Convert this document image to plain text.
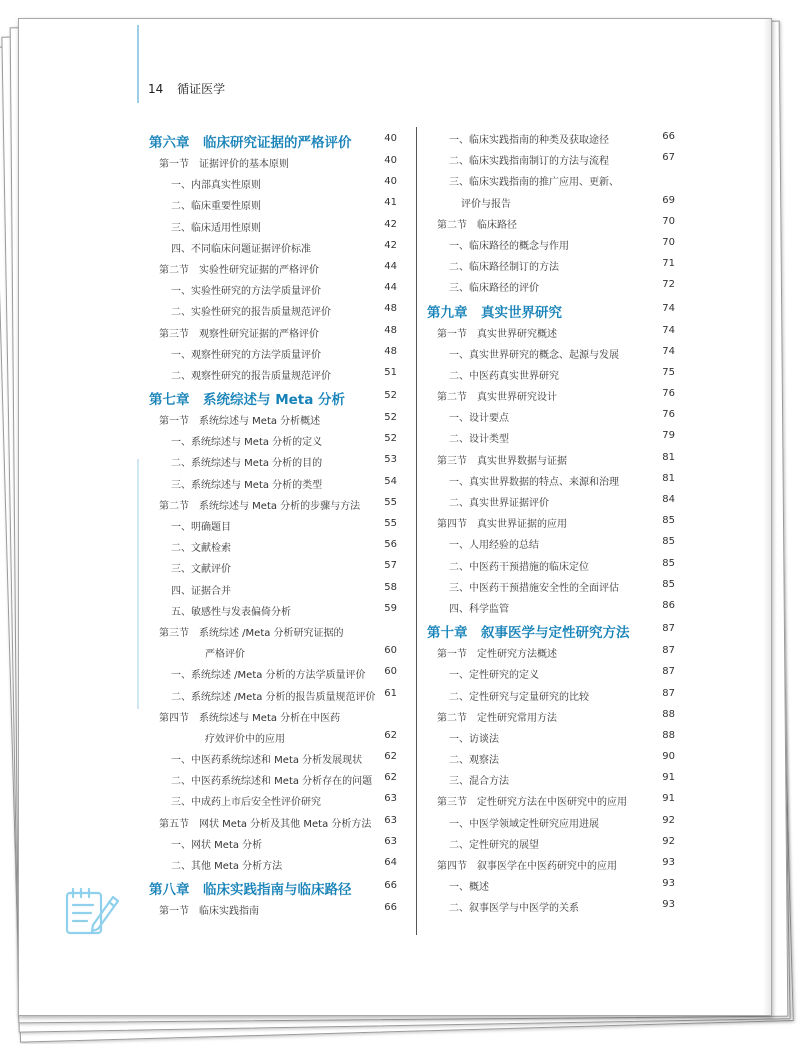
14 循证医学
第六章　临床研究证据的严格评价	40
第一节　证据评价的基本原则	40
一、内部真实性原则	40
二、临床重要性原则	41
三、临床适用性原则	42
四、不同临床问题证据评价标准	42
第二节　实验性研究证据的严格评价	44
一、实验性研究的方法学质量评价	44
二、实验性研究的报告质量规范评价	48
第三节　观察性研究证据的严格评价	48
一、观察性研究的方法学质量评价	48
二、观察性研究的报告质量规范评价	51
第七章　系统综述与 Meta 分析	52
第一节　系统综述与 Meta 分析概述	52
一、系统综述与 Meta 分析的定义	52
二、系统综述与 Meta 分析的目的	53
三、系统综述与 Meta 分析的类型	54
第二节　系统综述与 Meta 分析的步骤与方法 55
一、明确题目	55
二、文献检索	56
三、文献评价	57
四、证据合并	58
五、敏感性与发表偏倚分析	59
第三节　系统综述 /Meta 分析研究证据的
严格评价	60
一、系统综述 /Meta 分析的方法学质量评价 60
二、系统综述 /Meta 分析的报告质量规范评价 61
第四节　系统综述与 Meta 分析在中医药
疗效评价中的应用	62
一、中医药系统综述和 Meta 分析发展现状 62
二、中医药系统综述和 Meta 分析存在的问题 62
三、中成药上市后安全性评价研究	63
第五节　网状 Meta 分析及其他 Meta 分析方法 63
一、网状 Meta 分析	63
二、其他 Meta 分析方法	64
第八章　临床实践指南与临床路径	66
第一节　临床实践指南	66
一、临床实践指南的种类及获取途径	66
二、临床实践指南制订的方法与流程	67
三、临床实践指南的推广应用、更新、
评价与报告	69
第二节　临床路径	70
一、临床路径的概念与作用	70
二、临床路径制订的方法	71
三、临床路径的评价	72
第九章　真实世界研究	74
第一节　真实世界研究概述	74
一、真实世界研究的概念、起源与发展	74
二、中医药真实世界研究	75
第二节　真实世界研究设计	76
一、设计要点	76
二、设计类型	79
第三节　真实世界数据与证据	81
一、真实世界数据的特点、来源和治理	81
二、真实世界证据评价	84
第四节　真实世界证据的应用	85
一、人用经验的总结	85
二、中医药干预措施的临床定位	85
三、中医药干预措施安全性的全面评估	85
四、科学监管	86
第十章　叙事医学与定性研究方法	87
第一节　定性研究方法概述	87
一、定性研究的定义	87
二、定性研究与定量研究的比较	87
第二节　定性研究常用方法	88
一、访谈法	88
二、观察法	90
三、混合方法	91
第三节　定性研究方法在中医研究中的应用	91
一、中医学领域定性研究应用进展	92
二、定性研究的展望	92
第四节　叙事医学在中医药研究中的应用	93
一、概述	93
二、叙事医学与中医学的关系	93
